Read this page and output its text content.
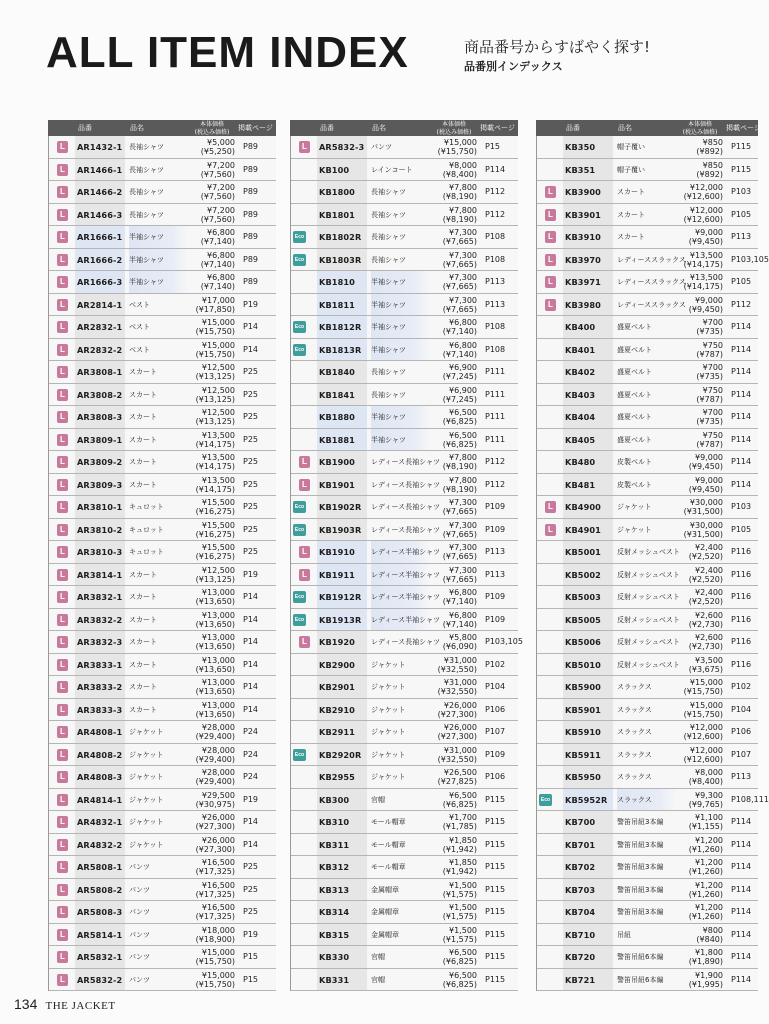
ALL ITEM INDEX	商品番号からすばやく探す!
品番別インデックス
品番	品名	本体価格
(税込み価格)	掲載ページ
L	AR1432-1 長袖シャツ	¥5,000
(¥5,250)
P89
L	AR1466-1 長袖シャツ	¥7,200
(¥7,560)
P89
L	AR1466-2 長袖シャツ	¥7,200
(¥7,560)
P89
L	AR1466-3 長袖シャツ	¥7,200
(¥7,560)
P89
L	AR1666-1 半袖シャツ	¥6,800
(¥7,140)
P89
L	AR1666-2 半袖シャツ	¥6,800
(¥7,140)
P89
L	AR1666-3 半袖シャツ	¥6,800
(¥7,140)
P89
L	AR2814-1 ベスト	¥17,000
(¥17,850)
P19
L	AR2832-1 ベスト	¥15,000
(¥15,750)
P14
L	AR2832-2 ベスト	¥15,000
(¥15,750)
P14
L	AR3808-1 スカート	¥12,500
(¥13,125)
P25
L	AR3808-2 スカート	¥12,500
(¥13,125)
P25
L	AR3808-3 スカート	¥12,500
(¥13,125)
P25
L	AR3809-1 スカート	¥13,500
(¥14,175)
P25
L	AR3809-2 スカート	¥13,500
(¥14,175)
P25
L	AR3809-3 スカート	¥13,500
(¥14,175)
P25
L	AR3810-1 キュロット	¥15,500
(¥16,275)
P25
L	AR3810-2 キュロット	¥15,500
(¥16,275)
P25
L	AR3810-3 キュロット	¥15,500
(¥16,275)
P25
L	AR3814-1 スカート	¥12,500
(¥13,125)
P19
L	AR3832-1 スカート	¥13,000
(¥13,650)
P14
L	AR3832-2 スカート	¥13,000
(¥13,650)
P14
L	AR3832-3 スカート	¥13,000
(¥13,650)
P14
L	AR3833-1 スカート	¥13,000
(¥13,650)
P14
L	AR3833-2 スカート	¥13,000
(¥13,650)
P14
L	AR3833-3 スカート	¥13,000
(¥13,650)
P14
L	AR4808-1 ジャケット	¥28,000
(¥29,400)
P24
L	AR4808-2 ジャケット	¥28,000
(¥29,400)
P24
L	AR4808-3 ジャケット	¥28,000
(¥29,400)
P24
L	AR4814-1 ジャケット	¥29,500
(¥30,975)
P19
L	AR4832-1 ジャケット	¥26,000
(¥27,300)
P14
L	AR4832-2 ジャケット	¥26,000
(¥27,300)
P14
L	AR5808-1 パンツ	¥16,500
(¥17,325)
P25
L	AR5808-2 パンツ	¥16,500
(¥17,325)
P25
L	AR5808-3 パンツ	¥16,500
(¥17,325)
P25
L	AR5814-1 パンツ	¥18,000
(¥18,900)
P19
L	AR5832-1 パンツ	¥15,000
(¥15,750)
P15
L	AR5832-2 パンツ	¥15,000
(¥15,750)
P15
品番	品名	本体価格
(税込み価格)	掲載ページ
L	AR5832-3 パンツ	¥15,000
(¥15,750)
P15
KB100	レインコート	¥8,000
(¥8,400)
P114
KB1800 長袖シャツ	¥7,800
(¥8,190)
P112
KB1801 長袖シャツ	¥7,800
(¥8,190)
P112
Eco KB1802R 長袖シャツ	¥7,300
(¥7,665)
P108
Eco KB1803R 長袖シャツ	¥7,300
(¥7,665)
P108
KB1810 半袖シャツ	¥7,300
(¥7,665)
P113
KB1811 半袖シャツ	¥7,300
(¥7,665)
P113
Eco KB1812R 半袖シャツ	¥6,800
(¥7,140)
P108
Eco KB1813R 半袖シャツ	¥6,800
(¥7,140)
P108
KB1840 長袖シャツ	¥6,900
(¥7,245)
P111
KB1841 長袖シャツ	¥6,900
(¥7,245)
P111
KB1880 半袖シャツ	¥6,500
(¥6,825)
P111
KB1881 半袖シャツ	¥6,500
(¥6,825)
P111
L	KB1900 レディース長袖シャツ	¥7,800
(¥8,190)
P112
L	KB1901 レディース長袖シャツ	¥7,800
(¥8,190)
P112
Eco KB1902R レディース長袖シャツ	¥7,300
(¥7,665)
P109
Eco KB1903R レディース長袖シャツ	¥7,300
(¥7,665)
P109
L	KB1910 レディース半袖シャツ	¥7,300
(¥7,665)
P113
L	KB1911 レディース半袖シャツ	¥7,300
(¥7,665)
P113
Eco KB1912R レディース半袖シャツ	¥6,800
(¥7,140)
P109
Eco KB1913R レディース半袖シャツ	¥6,800
(¥7,140)
P109
L	KB1920 レディース長袖シャツ	¥5,800
(¥6,090)
P103,105
KB2900 ジャケット	¥31,000
(¥32,550)
P102
KB2901 ジャケット	¥31,000
(¥32,550)
P104
KB2910 ジャケット	¥26,000
(¥27,300)
P106
KB2911 ジャケット	¥26,000
(¥27,300)
P107
Eco KB2920R ジャケット	¥31,000
(¥32,550)
P109
KB2955 ジャケット	¥26,500
(¥27,825)
P106
KB300	官帽	¥6,500
(¥6,825)
P115
KB310	モール帽章	¥1,700
(¥1,785)
P115
KB311	モール帽章	¥1,850
(¥1,942)
P115
KB312	モール帽章	¥1,850
(¥1,942)
P115
KB313	金属帽章	¥1,500
(¥1,575)
P115
KB314	金属帽章	¥1,500
(¥1,575)
P115
KB315	金属帽章	¥1,500
(¥1,575)
P115
KB330	官帽	¥6,500
(¥6,825)
P115
KB331	官帽	¥6,500
(¥6,825)
P115
品番	品名	本体価格
(税込み価格)	掲載ページ
KB350	帽子覆い	¥850
(¥892)
P115
KB351	帽子覆い	¥850
(¥892)
P115
L	KB3900 スカート	¥12,000
(¥12,600)
P103
L	KB3901 スカート	¥12,000
(¥12,600)
P105
L	KB3910 スカート	¥9,000
(¥9,450)
P113
L	KB3970 レディーススラックス ¥13,500
(¥14,175)
P103,105
L	KB3971 レディーススラックス ¥13,500
(¥14,175)
P105
L	KB3980 レディーススラックス	¥9,000
(¥9,450)
P112
KB400	盛夏ベルト	¥700
(¥735)
P114
KB401	盛夏ベルト	¥750
(¥787)
P114
KB402	盛夏ベルト	¥700
(¥735)
P114
KB403	盛夏ベルト	¥750
(¥787)
P114
KB404	盛夏ベルト	¥700
(¥735)
P114
KB405	盛夏ベルト	¥750
(¥787)
P114
KB480	皮製ベルト	¥9,000
(¥9,450)
P114
KB481	皮製ベルト	¥9,000
(¥9,450)
P114
L	KB4900 ジャケット	¥30,000
(¥31,500)
P103
L	KB4901 ジャケット	¥30,000
(¥31,500)
P105
KB5001 反射メッシュベスト	¥2,400
(¥2,520)
P116
KB5002 反射メッシュベスト	¥2,400
(¥2,520)
P116
KB5003 反射メッシュベスト	¥2,400
(¥2,520)
P116
KB5005 反射メッシュベスト	¥2,600
(¥2,730)
P116
KB5006 反射メッシュベスト	¥2,600
(¥2,730)
P116
KB5010 反射メッシュベスト	¥3,500
(¥3,675)
P116
KB5900 スラックス	¥15,000
(¥15,750)
P102
KB5901 スラックス	¥15,000
(¥15,750)
P104
KB5910 スラックス	¥12,000
(¥12,600)
P106
KB5911 スラックス	¥12,000
(¥12,600)
P107
KB5950 スラックス	¥8,000
(¥8,400)
P113
Eco KB5952R スラックス	¥9,300
(¥9,765)
P108,111
KB700	警笛吊紐3本編	¥1,100
(¥1,155)
P114
KB701	警笛吊紐3本編	¥1,200
(¥1,260)
P114
KB702	警笛吊紐3本編	¥1,200
(¥1,260)
P114
KB703	警笛吊紐3本編	¥1,200
(¥1,260)
P114
KB704	警笛吊紐3本編	¥1,200
(¥1,260)
P114
KB710	吊紐	¥800
(¥840)
P114
KB720	警笛吊紐6本編	¥1,800
(¥1,890)
P114
KB721	警笛吊紐6本編	¥1,900
(¥1,995)
P114
134 THE JACKET
